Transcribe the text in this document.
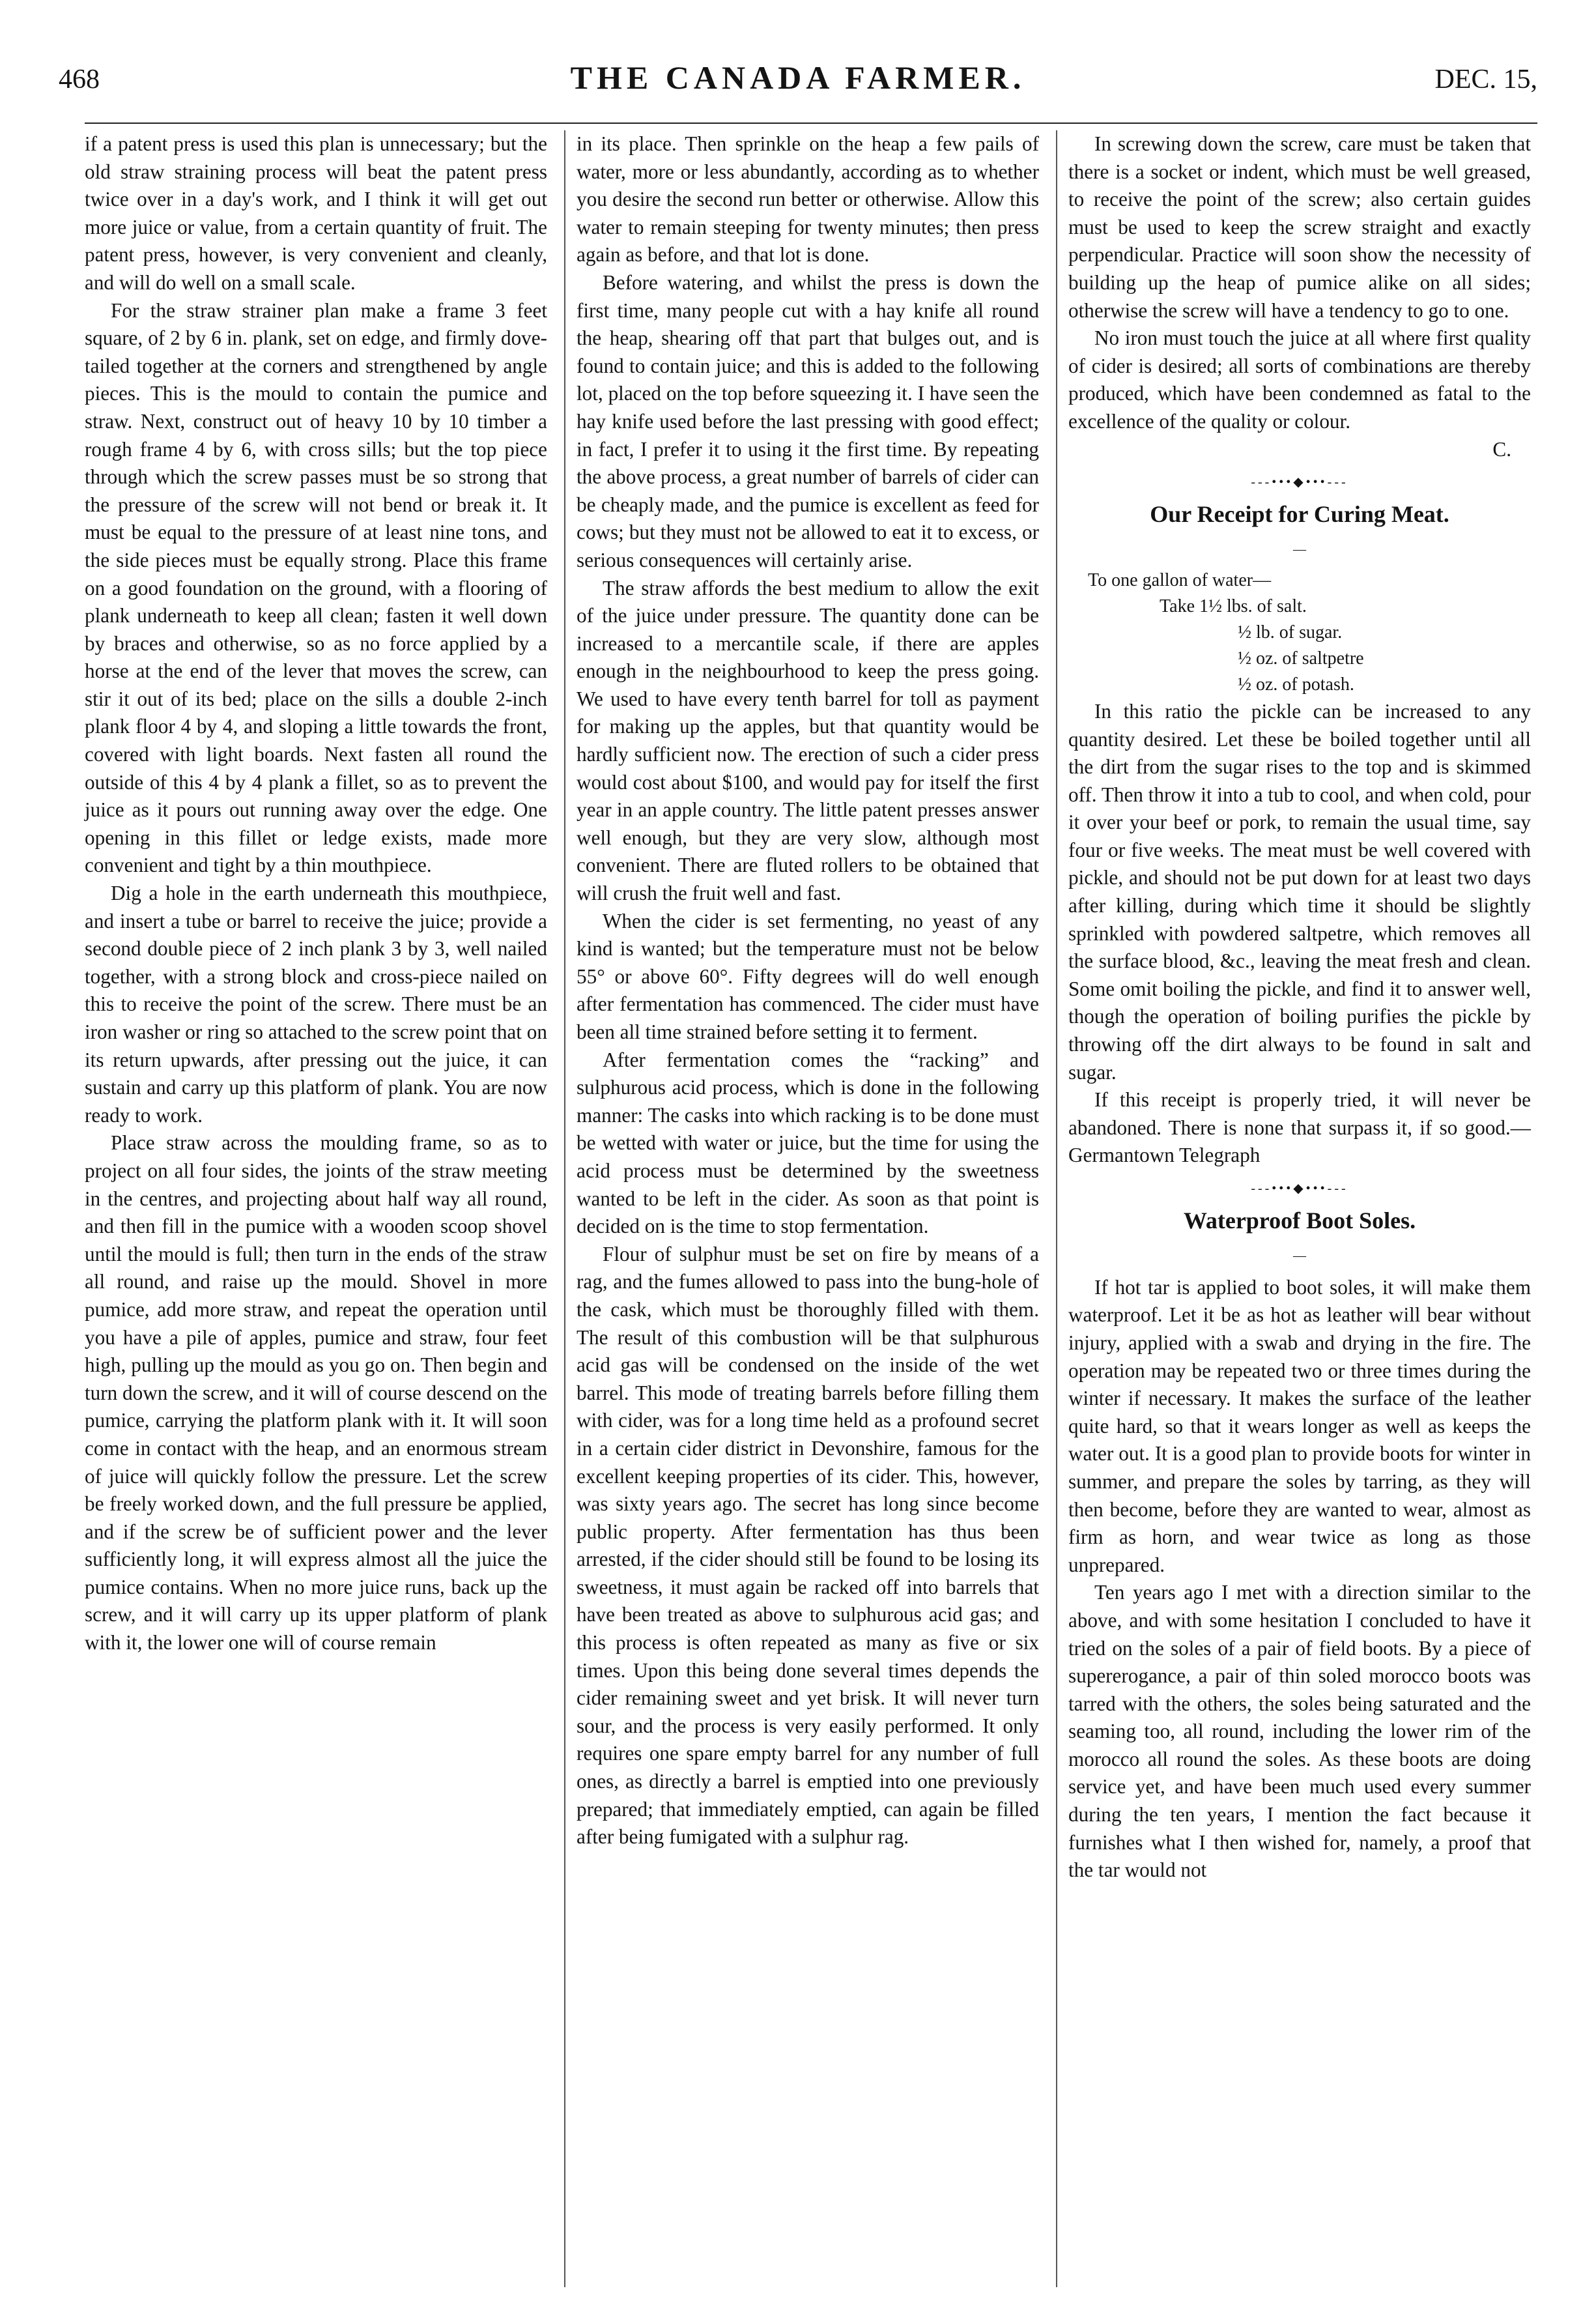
468	THE CANADA FARMER.	DEC. 15,

if a patent press is used this plan is unnecessary; but the old straw straining process will beat the patent press twice over in a day's work, and I think it will get out more juice or value, from a certain quantity of fruit. The patent press, however, is very convenient and cleanly, and will do well on a small scale.

For the straw strainer plan make a frame 3 feet square, of 2 by 6 in. plank, set on edge, and firmly dove-tailed together at the corners and strengthened by angle pieces. This is the mould to contain the pumice and straw. Next, construct out of heavy 10 by 10 timber a rough frame 4 by 6, with cross sills; but the top piece through which the screw passes must be so strong that the pressure of the screw will not bend or break it. It must be equal to the pressure of at least nine tons, and the side pieces must be equally strong. Place this frame on a good foundation on the ground, with a flooring of plank underneath to keep all clean; fasten it well down by braces and otherwise, so as no force applied by a horse at the end of the lever that moves the screw, can stir it out of its bed; place on the sills a double 2-inch plank floor 4 by 4, and sloping a little towards the front, covered with light boards. Next fasten all round the outside of this 4 by 4 plank a fillet, so as to prevent the juice as it pours out running away over the edge. One opening in this fillet or ledge exists, made more convenient and tight by a thin mouthpiece.

Dig a hole in the earth underneath this mouthpiece, and insert a tube or barrel to receive the juice; provide a second double piece of 2 inch plank 3 by 3, well nailed together, with a strong block and cross-piece nailed on this to receive the point of the screw. There must be an iron washer or ring so attached to the screw point that on its return upwards, after pressing out the juice, it can sustain and carry up this platform of plank. You are now ready to work.

Place straw across the moulding frame, so as to project on all four sides, the joints of the straw meeting in the centres, and projecting about half way all round, and then fill in the pumice with a wooden scoop shovel until the mould is full; then turn in the ends of the straw all round, and raise up the mould. Shovel in more pumice, add more straw, and repeat the operation until you have a pile of apples, pumice and straw, four feet high, pulling up the mould as you go on. Then begin and turn down the screw, and it will of course descend on the pumice, carrying the platform plank with it. It will soon come in contact with the heap, and an enormous stream of juice will quickly follow the pressure. Let the screw be freely worked down, and the full pressure be applied, and if the screw be of sufficient power and the lever sufficiently long, it will express almost all the juice the pumice contains. When no more juice runs, back up the screw, and it will carry up its upper platform of plank with it, the lower one will of course remain

in its place. Then sprinkle on the heap a few pails of water, more or less abundantly, according as to whether you desire the second run better or otherwise. Allow this water to remain steeping for twenty minutes; then press again as before, and that lot is done.

Before watering, and whilst the press is down the first time, many people cut with a hay knife all round the heap, shearing off that part that bulges out, and is found to contain juice; and this is added to the following lot, placed on the top before squeezing it. I have seen the hay knife used before the last pressing with good effect; in fact, I prefer it to using it the first time. By repeating the above process, a great number of barrels of cider can be cheaply made, and the pumice is excellent as feed for cows; but they must not be allowed to eat it to excess, or serious consequences will certainly arise.

The straw affords the best medium to allow the exit of the juice under pressure. The quantity done can be increased to a mercantile scale, if there are apples enough in the neighbourhood to keep the press going. We used to have every tenth barrel for toll as payment for making up the apples, but that quantity would be hardly sufficient now. The erection of such a cider press would cost about $100, and would pay for itself the first year in an apple country. The little patent presses answer well enough, but they are very slow, although most convenient. There are fluted rollers to be obtained that will crush the fruit well and fast.

When the cider is set fermenting, no yeast of any kind is wanted; but the temperature must not be below 55° or above 60°. Fifty degrees will do well enough after fermentation has commenced. The cider must have been all time strained before setting it to ferment.

After fermentation comes the “racking” and sulphurous acid process, which is done in the following manner: The casks into which racking is to be done must be wetted with water or juice, but the time for using the acid process must be determined by the sweetness wanted to be left in the cider. As soon as that point is decided on is the time to stop fermentation.

Flour of sulphur must be set on fire by means of a rag, and the fumes allowed to pass into the bung-hole of the cask, which must be thoroughly filled with them. The result of this combustion will be that sulphurous acid gas will be condensed on the inside of the wet barrel. This mode of treating barrels before filling them with cider, was for a long time held as a profound secret in a certain cider district in Devonshire, famous for the excellent keeping properties of its cider. This, however, was sixty years ago. The secret has long since become public property. After fermentation has thus been arrested, if the cider should still be found to be losing its sweetness, it must again be racked off into barrels that have been treated as above to sulphurous acid gas; and this process is often repeated as many as five or six times. Upon this being done several times depends the cider remaining sweet and yet brisk. It will never turn sour, and the process is very easily performed. It only requires one spare empty barrel for any number of full ones, as directly a barrel is emptied into one previously prepared; that immediately emptied, can again be filled after being fumigated with a sulphur rag.

In screwing down the screw, care must be taken that there is a socket or indent, which must be well greased, to receive the point of the screw; also certain guides must be used to keep the screw straight and exactly perpendicular. Practice will soon show the necessity of building up the heap of pumice alike on all sides; otherwise the screw will have a tendency to go to one.

No iron must touch the juice at all where first quality of cider is desired; all sorts of combinations are thereby produced, which have been condemned as fatal to the excellence of the quality or colour.

C.
---•••◆•••---
Our Receipt for Curing Meat.
—
To one gallon of water—
Take 1½ lbs. of salt.
½ lb. of sugar.
½ oz. of saltpetre
½ oz. of potash.

In this ratio the pickle can be increased to any quantity desired. Let these be boiled together until all the dirt from the sugar rises to the top and is skimmed off. Then throw it into a tub to cool, and when cold, pour it over your beef or pork, to remain the usual time, say four or five weeks. The meat must be well covered with pickle, and should not be put down for at least two days after killing, during which time it should be slightly sprinkled with powdered saltpetre, which removes all the surface blood, &c., leaving the meat fresh and clean. Some omit boiling the pickle, and find it to answer well, though the operation of boiling purifies the pickle by throwing off the dirt always to be found in salt and sugar.

If this receipt is properly tried, it will never be abandoned. There is none that surpass it, if so good.—Germantown Telegraph

---•••◆•••---
Waterproof Boot Soles.
—

If hot tar is applied to boot soles, it will make them waterproof. Let it be as hot as leather will bear without injury, applied with a swab and drying in the fire. The operation may be repeated two or three times during the winter if necessary. It makes the surface of the leather quite hard, so that it wears longer as well as keeps the water out. It is a good plan to provide boots for winter in summer, and prepare the soles by tarring, as they will then become, before they are wanted to wear, almost as firm as horn, and wear twice as long as those unprepared.

Ten years ago I met with a direction similar to the above, and with some hesitation I concluded to have it tried on the soles of a pair of field boots. By a piece of supererogance, a pair of thin soled morocco boots was tarred with the others, the soles being saturated and the seaming too, all round, including the lower rim of the morocco all round the soles. As these boots are doing service yet, and have been much used every summer during the ten years, I mention the fact because it furnishes what I then wished for, namely, a proof that the tar would not
